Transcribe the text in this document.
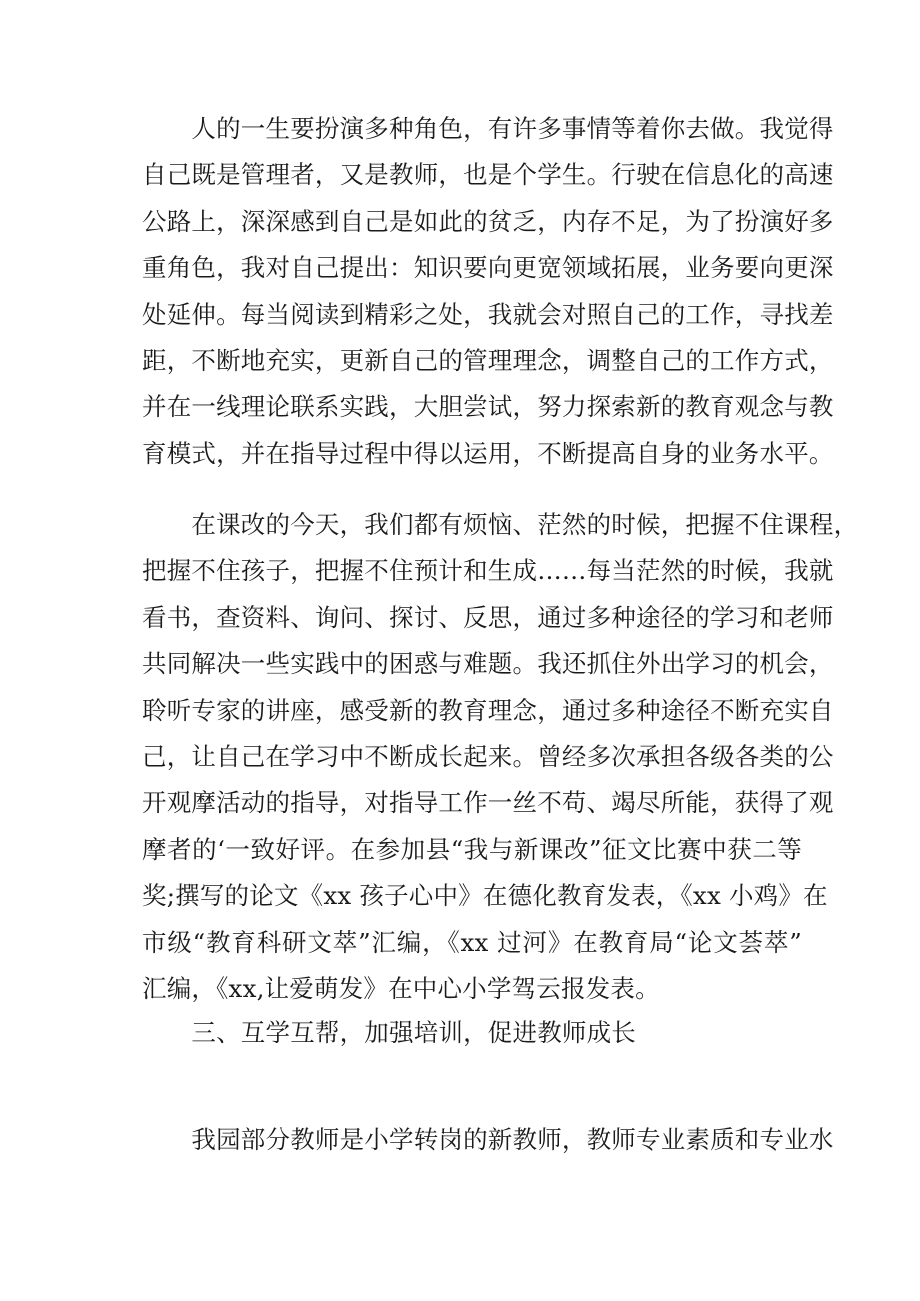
　　人的一生要扮演多种角色，有许多事情等着你去做。我觉得
自己既是管理者，又是教师，也是个学生。行驶在信息化的高速
公路上，深深感到自己是如此的贫乏，内存不足，为了扮演好多
重角色，我对自己提出：知识要向更宽领域拓展，业务要向更深
处延伸。每当阅读到精彩之处，我就会对照自己的工作，寻找差
距，不断地充实，更新自己的管理理念，调整自己的工作方式，
并在一线理论联系实践，大胆尝试，努力探索新的教育观念与教
育模式，并在指导过程中得以运用，不断提高自身的业务水平。

　　在课改的今天，我们都有烦恼、茫然的时候，把握不住课程，
把握不住孩子，把握不住预计和生成……每当茫然的时候，我就
看书，查资料、询问、探讨、反思，通过多种途径的学习和老师
共同解决一些实践中的困惑与难题。我还抓住外出学习的机会，
聆听专家的讲座，感受新的教育理念，通过多种途径不断充实自
己，让自己在学习中不断成长起来。曾经多次承担各级各类的公
开观摩活动的指导，对指导工作一丝不苟、竭尽所能，获得了观
摩者的‘一致好评。在参加县“我与新课改”征文比赛中获二等
奖;撰写的论文《xx 孩子心中》在德化教育发表，《xx 小鸡》在
市级“教育科研文萃”汇编，《xx 过河》在教育局“论文荟萃”
汇编，《xx,让爱萌发》在中心小学驾云报发表。

　　三、互学互帮，加强培训，促进教师成长

　　我园部分教师是小学转岗的新教师，教师专业素质和专业水
